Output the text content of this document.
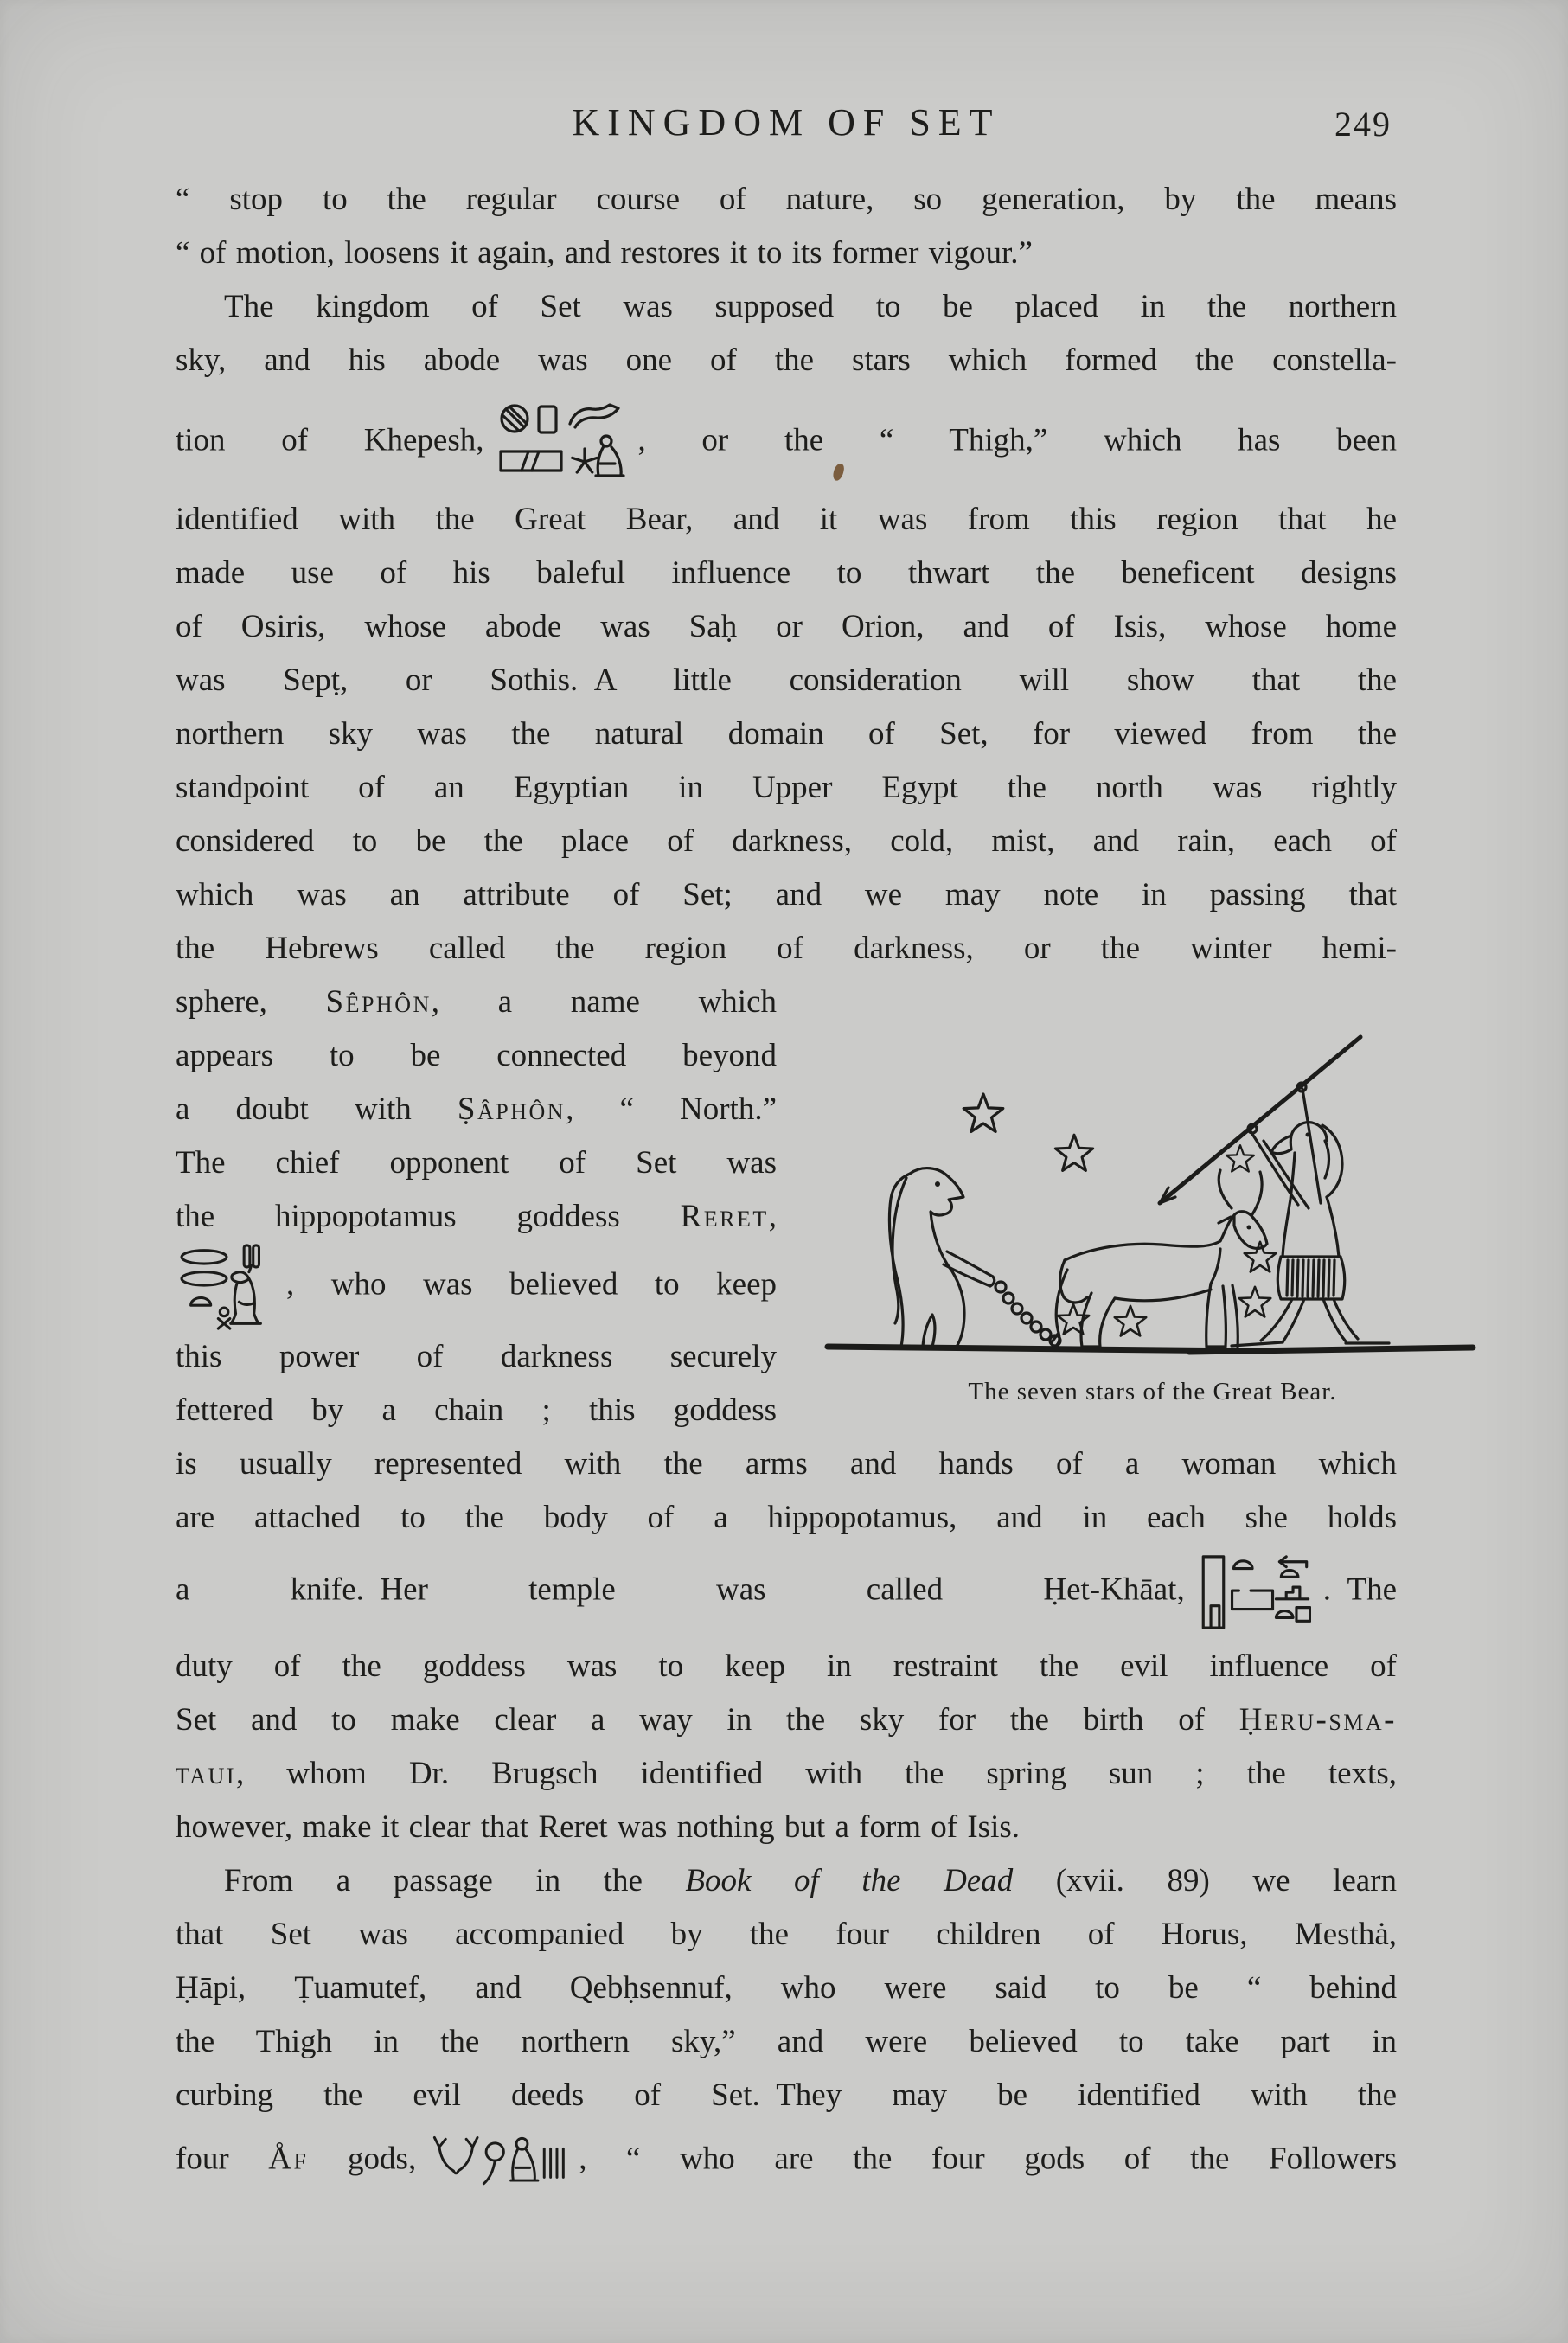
KINGDOM OF SET	249
“ stop to the regular course of nature, so generation, by the means
“ of motion, loosens it again, and restores it to its former vigour.”
The kingdom of Set was supposed to be placed in the northern
sky, and his abode was one of the stars which formed the constella-
tion of Khepesh,	, or the “ Thigh,” which has been
identified with the Great Bear, and it was from this region that he
made use of his baleful influence to thwart the beneficent designs
of Osiris, whose abode was Saḥ or Orion, and of Isis, whose home
was Sepṭ, or Sothis. A little consideration will show that the
northern sky was the natural domain of Set, for viewed from the
standpoint of an Egyptian in Upper Egypt the north was rightly
considered to be the place of darkness, cold, mist, and rain, each of
which was an attribute of Set; and we may note in passing that
the Hebrews called the region of darkness, or the winter hemi-
sphere, Sêphôn, a name which
appears to be connected beyond
a doubt with Ṣâphôn, “ North.”
The chief opponent of Set was
the hippopotamus goddess Reret,
, who was believed to keep
this power of darkness securely
fettered by a chain ; this goddess
is usually represented with the arms and hands of a woman which
are attached to the body of a hippopotamus, and in each she holds
a knife. Her temple was called Ḥet-Khāat,	. The
duty of the goddess was to keep in restraint the evil influence of
Set and to make clear a way in the sky for the birth of Ḥeru-sma-
taui, whom Dr. Brugsch identified with the spring sun ; the texts,
however, make it clear that Reret was nothing but a form of Isis.
From a passage in the Book of the Dead (xvii. 89) we learn
that Set was accompanied by the four children of Horus, Mesthȧ,
Ḥāpi, Ṭuamutef, and Qebḥsennuf, who were said to be “ behind
the Thigh in the northern sky,” and were believed to take part in
curbing the evil deeds of Set. They may be identified with the
four Åf gods,	, “ who are the four gods of the Followers
The seven stars of the Great Bear.
